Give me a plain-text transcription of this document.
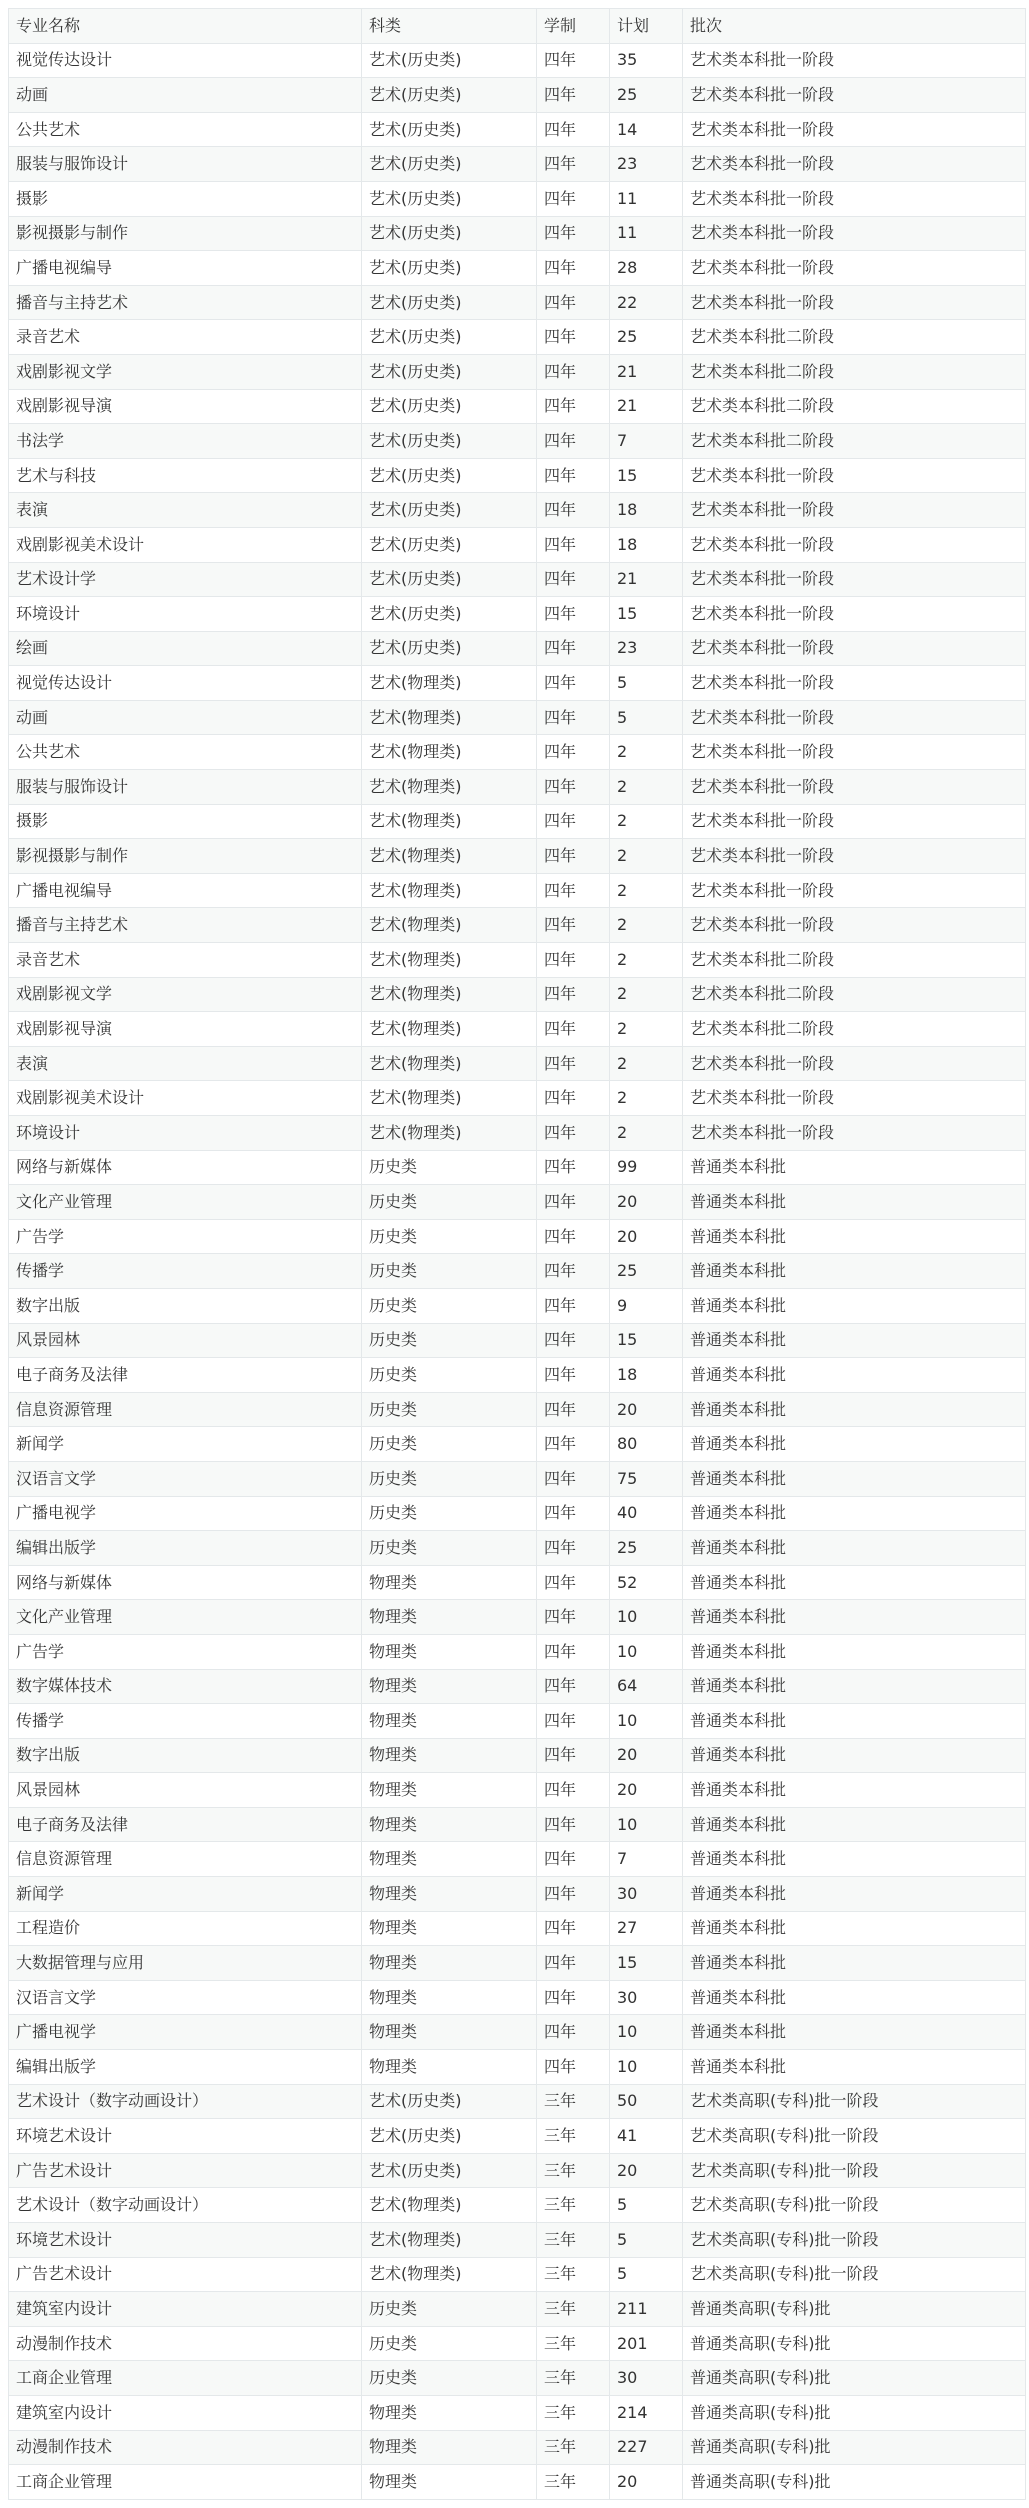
专业名称	科类	学制	计划	批次
视觉传达设计	艺术(历史类)	四年	35	艺术类本科批一阶段
动画	艺术(历史类)	四年	25	艺术类本科批一阶段
公共艺术	艺术(历史类)	四年	14	艺术类本科批一阶段
服装与服饰设计	艺术(历史类)	四年	23	艺术类本科批一阶段
摄影	艺术(历史类)	四年	11	艺术类本科批一阶段
影视摄影与制作	艺术(历史类)	四年	11	艺术类本科批一阶段
广播电视编导	艺术(历史类)	四年	28	艺术类本科批一阶段
播音与主持艺术	艺术(历史类)	四年	22	艺术类本科批一阶段
录音艺术	艺术(历史类)	四年	25	艺术类本科批二阶段
戏剧影视文学	艺术(历史类)	四年	21	艺术类本科批二阶段
戏剧影视导演	艺术(历史类)	四年	21	艺术类本科批二阶段
书法学	艺术(历史类)	四年	7	艺术类本科批二阶段
艺术与科技	艺术(历史类)	四年	15	艺术类本科批一阶段
表演	艺术(历史类)	四年	18	艺术类本科批一阶段
戏剧影视美术设计	艺术(历史类)	四年	18	艺术类本科批一阶段
艺术设计学	艺术(历史类)	四年	21	艺术类本科批一阶段
环境设计	艺术(历史类)	四年	15	艺术类本科批一阶段
绘画	艺术(历史类)	四年	23	艺术类本科批一阶段
视觉传达设计	艺术(物理类)	四年	5	艺术类本科批一阶段
动画	艺术(物理类)	四年	5	艺术类本科批一阶段
公共艺术	艺术(物理类)	四年	2	艺术类本科批一阶段
服装与服饰设计	艺术(物理类)	四年	2	艺术类本科批一阶段
摄影	艺术(物理类)	四年	2	艺术类本科批一阶段
影视摄影与制作	艺术(物理类)	四年	2	艺术类本科批一阶段
广播电视编导	艺术(物理类)	四年	2	艺术类本科批一阶段
播音与主持艺术	艺术(物理类)	四年	2	艺术类本科批一阶段
录音艺术	艺术(物理类)	四年	2	艺术类本科批二阶段
戏剧影视文学	艺术(物理类)	四年	2	艺术类本科批二阶段
戏剧影视导演	艺术(物理类)	四年	2	艺术类本科批二阶段
表演	艺术(物理类)	四年	2	艺术类本科批一阶段
戏剧影视美术设计	艺术(物理类)	四年	2	艺术类本科批一阶段
环境设计	艺术(物理类)	四年	2	艺术类本科批一阶段
网络与新媒体	历史类	四年	99	普通类本科批
文化产业管理	历史类	四年	20	普通类本科批
广告学	历史类	四年	20	普通类本科批
传播学	历史类	四年	25	普通类本科批
数字出版	历史类	四年	9	普通类本科批
风景园林	历史类	四年	15	普通类本科批
电子商务及法律	历史类	四年	18	普通类本科批
信息资源管理	历史类	四年	20	普通类本科批
新闻学	历史类	四年	80	普通类本科批
汉语言文学	历史类	四年	75	普通类本科批
广播电视学	历史类	四年	40	普通类本科批
编辑出版学	历史类	四年	25	普通类本科批
网络与新媒体	物理类	四年	52	普通类本科批
文化产业管理	物理类	四年	10	普通类本科批
广告学	物理类	四年	10	普通类本科批
数字媒体技术	物理类	四年	64	普通类本科批
传播学	物理类	四年	10	普通类本科批
数字出版	物理类	四年	20	普通类本科批
风景园林	物理类	四年	20	普通类本科批
电子商务及法律	物理类	四年	10	普通类本科批
信息资源管理	物理类	四年	7	普通类本科批
新闻学	物理类	四年	30	普通类本科批
工程造价	物理类	四年	27	普通类本科批
大数据管理与应用	物理类	四年	15	普通类本科批
汉语言文学	物理类	四年	30	普通类本科批
广播电视学	物理类	四年	10	普通类本科批
编辑出版学	物理类	四年	10	普通类本科批
艺术设计（数字动画设计）	艺术(历史类)	三年	50	艺术类高职(专科)批一阶段
环境艺术设计	艺术(历史类)	三年	41	艺术类高职(专科)批一阶段
广告艺术设计	艺术(历史类)	三年	20	艺术类高职(专科)批一阶段
艺术设计（数字动画设计）	艺术(物理类)	三年	5	艺术类高职(专科)批一阶段
环境艺术设计	艺术(物理类)	三年	5	艺术类高职(专科)批一阶段
广告艺术设计	艺术(物理类)	三年	5	艺术类高职(专科)批一阶段
建筑室内设计	历史类	三年	211	普通类高职(专科)批
动漫制作技术	历史类	三年	201	普通类高职(专科)批
工商企业管理	历史类	三年	30	普通类高职(专科)批
建筑室内设计	物理类	三年	214	普通类高职(专科)批
动漫制作技术	物理类	三年	227	普通类高职(专科)批
工商企业管理	物理类	三年	20	普通类高职(专科)批
